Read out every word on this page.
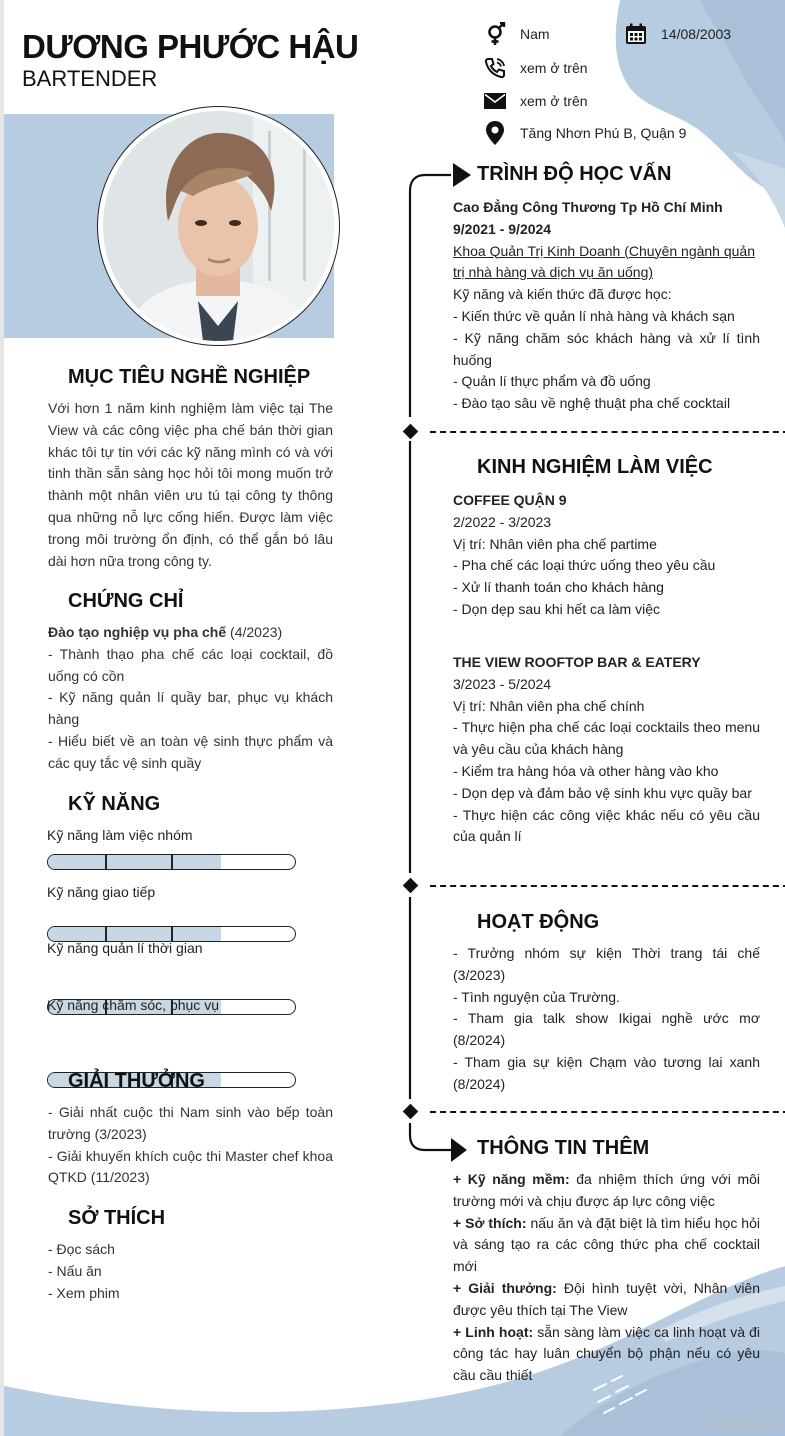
DƯƠNG PHƯỚC HẬU
BARTENDER
Nam	14/08/2003
xem ở trên
xem ở trên
Tăng Nhơn Phú B, Quận 9
MỤC TIÊU NGHỀ NGHIỆP
Với hơn 1 năm kinh nghiệm làm việc tại The View và các công việc pha chế bán thời gian khác tôi tự tin với các kỹ năng mình có và với tinh thần sẵn sàng học hỏi tôi mong muốn trở thành một nhân viên ưu tú tại công ty thông qua những nỗ lực cống hiến. Được làm việc trong môi trường ổn định, có thể gắn bó lâu dài hơn nữa trong công ty.
CHỨNG CHỈ
Đào tạo nghiệp vụ pha chế (4/2023)
- Thành thạo pha chế các loại cocktail, đồ uống có cồn
- Kỹ năng quản lí quầy bar, phục vụ khách hàng
- Hiểu biết về an toàn vệ sinh thực phẩm và các quy tắc vệ sinh quầy
KỸ NĂNG
Kỹ năng làm việc nhóm
Kỹ năng giao tiếp
Kỹ năng quản lí thời gian
Kỹ năng chăm sóc, phục vụ
GIẢI THƯỞNG
- Giải nhất cuộc thi Nam sinh vào bếp toàn trường (3/2023)
- Giải khuyến khích cuộc thi Master chef khoa QTKD (11/2023)
SỞ THÍCH
- Đọc sách
- Nấu ăn
- Xem phim
TRÌNH ĐỘ HỌC VẤN
Cao Đẳng Công Thương Tp Hồ Chí Minh
9/2021 - 9/2024
Khoa Quản Trị Kinh Doanh (Chuyên ngành quản trị nhà hàng và dịch vụ ăn uống)
Kỹ năng và kiến thức đã được học:
- Kiến thức về quản lí nhà hàng và khách sạn
- Kỹ năng chăm sóc khách hàng và xử lí tình huống
- Quản lí thực phẩm và đồ uống
- Đào tạo sâu về nghệ thuật pha chế cocktail
KINH NGHIỆM LÀM VIỆC
COFFEE QUẬN 9
2/2022 - 3/2023
Vị trí: Nhân viên pha chế partime
- Pha chế các loại thức uống theo yêu cầu
- Xử lí thanh toán cho khách hàng
- Dọn dẹp sau khi hết ca làm việc
THE VIEW ROOFTOP BAR & EATERY
3/2023 - 5/2024
Vị trí: Nhân viên pha chế chính
- Thực hiện pha chế các loại cocktails theo menu và yêu cầu của khách hàng
- Kiểm tra hàng hóa và other hàng vào kho
- Dọn dẹp và đảm bảo vệ sinh khu vực quầy bar
- Thực hiện các công việc khác nếu có yêu cầu của quản lí
HOẠT ĐỘNG
- Trưởng nhóm sự kiện Thời trang tái chế (3/2023)
- Tình nguyện của Trường.
- Tham gia talk show Ikigai nghề ước mơ (8/2024)
- Tham gia sự kiện Chạm vào tương lai xanh (8/2024)
THÔNG TIN THÊM
+ Kỹ năng mềm: đa nhiệm thích ứng với môi trường mới và chịu được áp lực công việc
+ Sở thích: nấu ăn và đặt biệt là tìm hiểu học hỏi và sáng tạo ra các công thức pha chế cocktail mới
+ Giải thưởng: Đội hình tuyệt vời, Nhân viên được yêu thích tại The View
+ Linh hoạt: sẵn sàng làm việc ca linh hoạt và đi công tác hay luân chuyển bộ phận nếu có yêu cầu cầu thiết
vieclam123.vn
